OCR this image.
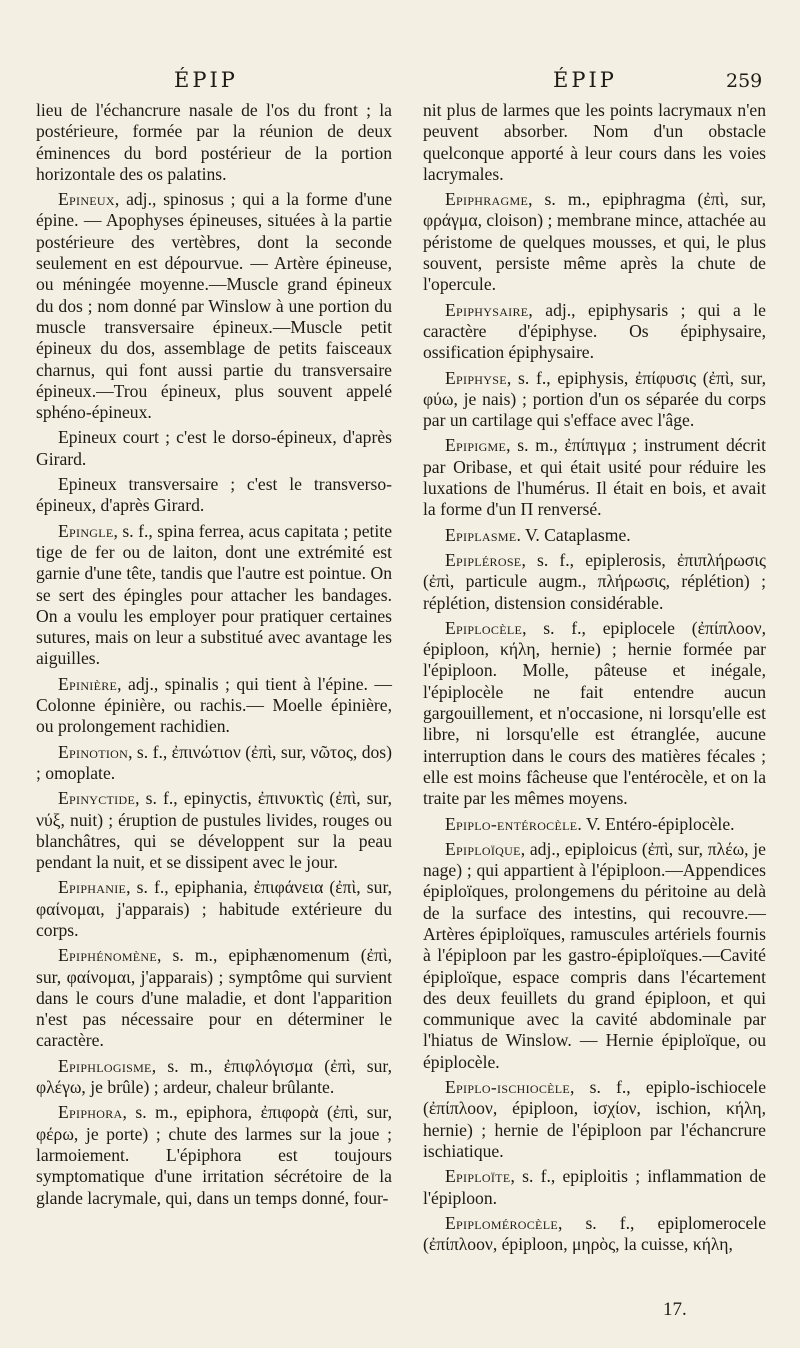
ÉPIP	ÉPIP	259

lieu de l'échancrure nasale de l'os du front ; la postérieure, formée par la réunion de deux éminences du bord postérieur de la portion horizontale des os palatins.

Epineux, adj., spinosus ; qui a la forme d'une épine. — Apophyses épineuses, situées à la partie postérieure des vertèbres, dont la seconde seulement en est dépourvue. — Artère épineuse, ou méningée moyenne.—Muscle grand épineux du dos ; nom donné par Winslow à une portion du muscle transversaire épineux.—Muscle petit épineux du dos, assemblage de petits faisceaux charnus, qui font aussi partie du transversaire épineux.—Trou épineux, plus souvent appelé sphéno-épineux.

Epineux court ; c'est le dorso-épineux, d'après Girard.

Epineux transversaire ; c'est le transverso-épineux, d'après Girard.

Epingle, s. f., spina ferrea, acus capitata ; petite tige de fer ou de laiton, dont une extrémité est garnie d'une tête, tandis que l'autre est pointue. On se sert des épingles pour attacher les bandages. On a voulu les employer pour pratiquer certaines sutures, mais on leur a substitué avec avantage les aiguilles.

Epinière, adj., spinalis ; qui tient à l'épine. — Colonne épinière, ou rachis.— Moelle épinière, ou prolongement rachidien.

Epinotion, s. f., ἐπινώτιον (ἐπὶ, sur, νῶτος, dos) ; omoplate.

Epinyctide, s. f., epinyctis, ἐπινυκτὶς (ἐπὶ, sur, νύξ, nuit) ; éruption de pustules livides, rouges ou blanchâtres, qui se développent sur la peau pendant la nuit, et se dissipent avec le jour.

Epiphanie, s. f., epiphania, ἐπιφάνεια (ἐπὶ, sur, φαίνομαι, j'apparais) ; habitude extérieure du corps.

Epiphénomène, s. m., epiphænomenum (ἐπὶ, sur, φαίνομαι, j'apparais) ; symptôme qui survient dans le cours d'une maladie, et dont l'apparition n'est pas nécessaire pour en déterminer le caractère.

Epiphlogisme, s. m., ἐπιφλόγισμα (ἐπὶ, sur, φλέγω, je brûle) ; ardeur, chaleur brûlante.

Epiphora, s. m., epiphora, ἐπιφορὰ (ἐπὶ, sur, φέρω, je porte) ; chute des larmes sur la joue ; larmoiement. L'épiphora est toujours symptomatique d'une irritation sécrétoire de la glande lacrymale, qui, dans un temps donné, four-

nit plus de larmes que les points lacrymaux n'en peuvent absorber. Nom d'un obstacle quelconque apporté à leur cours dans les voies lacrymales.

Epiphragme, s. m., epiphragma (ἐπὶ, sur, φράγμα, cloison) ; membrane mince, attachée au péristome de quelques mousses, et qui, le plus souvent, persiste même après la chute de l'opercule.

Epiphysaire, adj., epiphysaris ; qui a le caractère d'épiphyse. Os épiphysaire, ossification épiphysaire.

Epiphyse, s. f., epiphysis, ἐπίφυσις (ἐπὶ, sur, φύω, je nais) ; portion d'un os séparée du corps par un cartilage qui s'efface avec l'âge.

Epipigme, s. m., ἐπίπιγμα ; instrument décrit par Oribase, et qui était usité pour réduire les luxations de l'humérus. Il était en bois, et avait la forme d'un Π renversé.

Epiplasme. V. Cataplasme.

Epiplérose, s. f., epiplerosis, ἐπιπλήρωσις (ἐπὶ, particule augm., πλήρωσις, réplétion) ; réplétion, distension considérable.

Epiplocèle, s. f., epiplocele (ἐπίπλοον, épiploon, κήλη, hernie) ; hernie formée par l'épiploon. Molle, pâteuse et inégale, l'épiplocèle ne fait entendre aucun gargouillement, et n'occasione, ni lorsqu'elle est libre, ni lorsqu'elle est étranglée, aucune interruption dans le cours des matières fécales ; elle est moins fâcheuse que l'entérocèle, et on la traite par les mêmes moyens.

Epiplo-entérocèle. V. Entéro-épiplocèle.

Epiploïque, adj., epiploicus (ἐπὶ, sur, πλέω, je nage) ; qui appartient à l'épiploon.—Appendices épiploïques, prolongemens du péritoine au delà de la surface des intestins, qui recouvre.—Artères épiploïques, ramuscules artériels fournis à l'épiploon par les gastro-épiploïques.—Cavité épiploïque, espace compris dans l'écartement des deux feuillets du grand épiploon, et qui communique avec la cavité abdominale par l'hiatus de Winslow. — Hernie épiploïque, ou épiplocèle.

Epiplo-ischiocèle, s. f., epiplo-ischiocele (ἐπίπλοον, épiploon, ἰσχίον, ischion, κήλη, hernie) ; hernie de l'épiploon par l'échancrure ischiatique.

Epiploïte, s. f., epiploitis ; inflammation de l'épiploon.

Epiplomérocèle, s. f., epiplomerocele (ἐπίπλοον, épiploon, μηρὸς, la cuisse, κήλη,

17.
